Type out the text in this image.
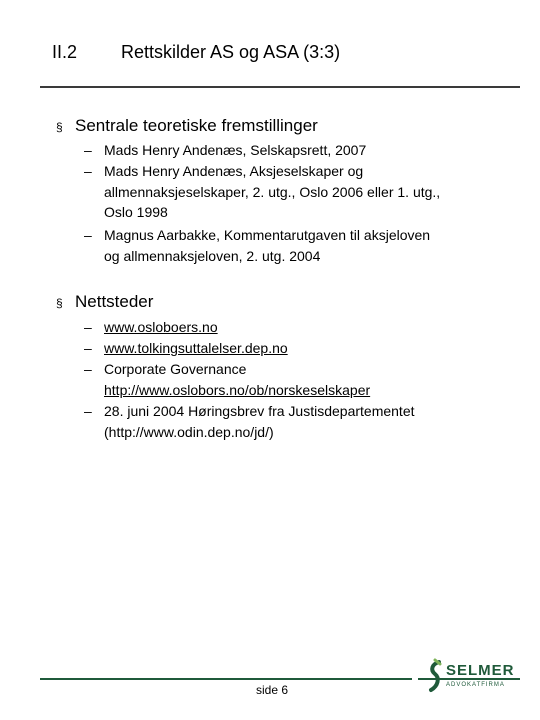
II.2 Rettskilder AS og ASA (3:3)
§ Sentrale teoretiske fremstillinger
– Mads Henry Andenæs, Selskapsrett, 2007
– Mads Henry Andenæs, Aksjeselskaper og
allmennaksjeselskaper, 2. utg., Oslo 2006 eller 1. utg.,
Oslo 1998
– Magnus Aarbakke, Kommentarutgaven til aksjeloven
og allmennaksjeloven, 2. utg. 2004
§ Nettsteder
– www.osloboers.no
– www.tolkingsuttalelser.dep.no
– Corporate Governance
http://www.oslobors.no/ob/norskeselskaper
– 28. juni 2004 Høringsbrev fra Justisdepartementet
(http://www.odin.dep.no/jd/)
side 6
SELMER
ADVOKATFIRMA
